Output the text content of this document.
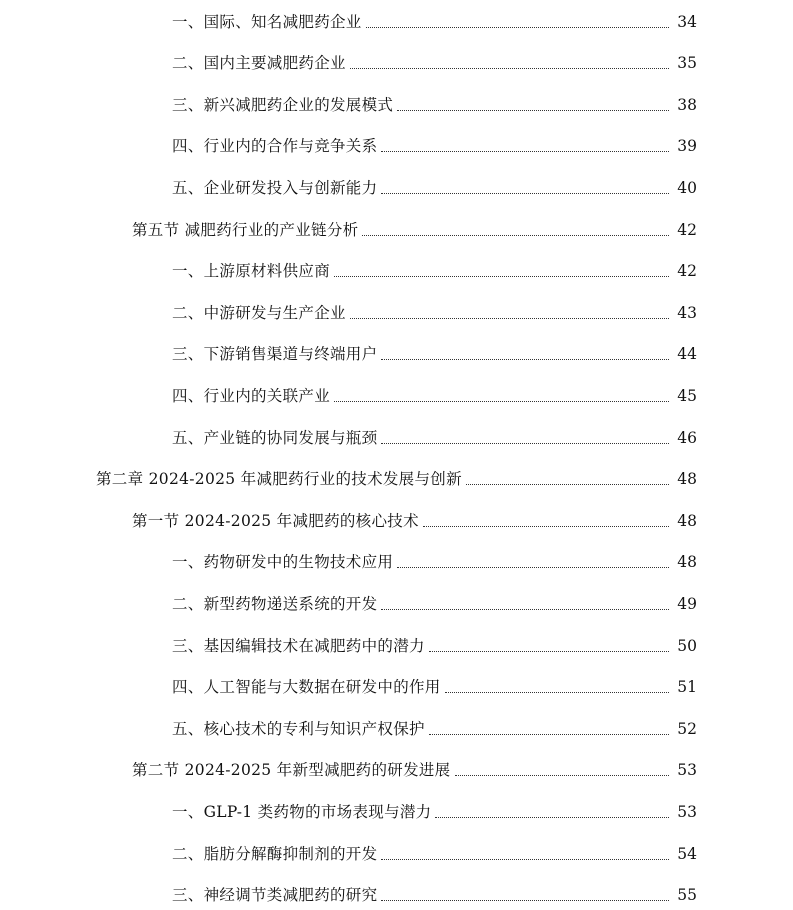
一、国际、知名减肥药企业	34
二、国内主要减肥药企业	35
三、新兴减肥药企业的发展模式	38
四、行业内的合作与竞争关系	39
五、企业研发投入与创新能力	40
第五节 减肥药行业的产业链分析	42
一、上游原材料供应商	42
二、中游研发与生产企业	43
三、下游销售渠道与终端用户	44
四、行业内的关联产业	45
五、产业链的协同发展与瓶颈	46
第二章 2024-2025 年减肥药行业的技术发展与创新	48
第一节 2024-2025 年减肥药的核心技术	48
一、药物研发中的生物技术应用	48
二、新型药物递送系统的开发	49
三、基因编辑技术在减肥药中的潜力	50
四、人工智能与大数据在研发中的作用	51
五、核心技术的专利与知识产权保护	52
第二节 2024-2025 年新型减肥药的研发进展	53
一、GLP-1 类药物的市场表现与潜力	53
二、脂肪分解酶抑制剂的开发	54
三、神经调节类减肥药的研究	55
